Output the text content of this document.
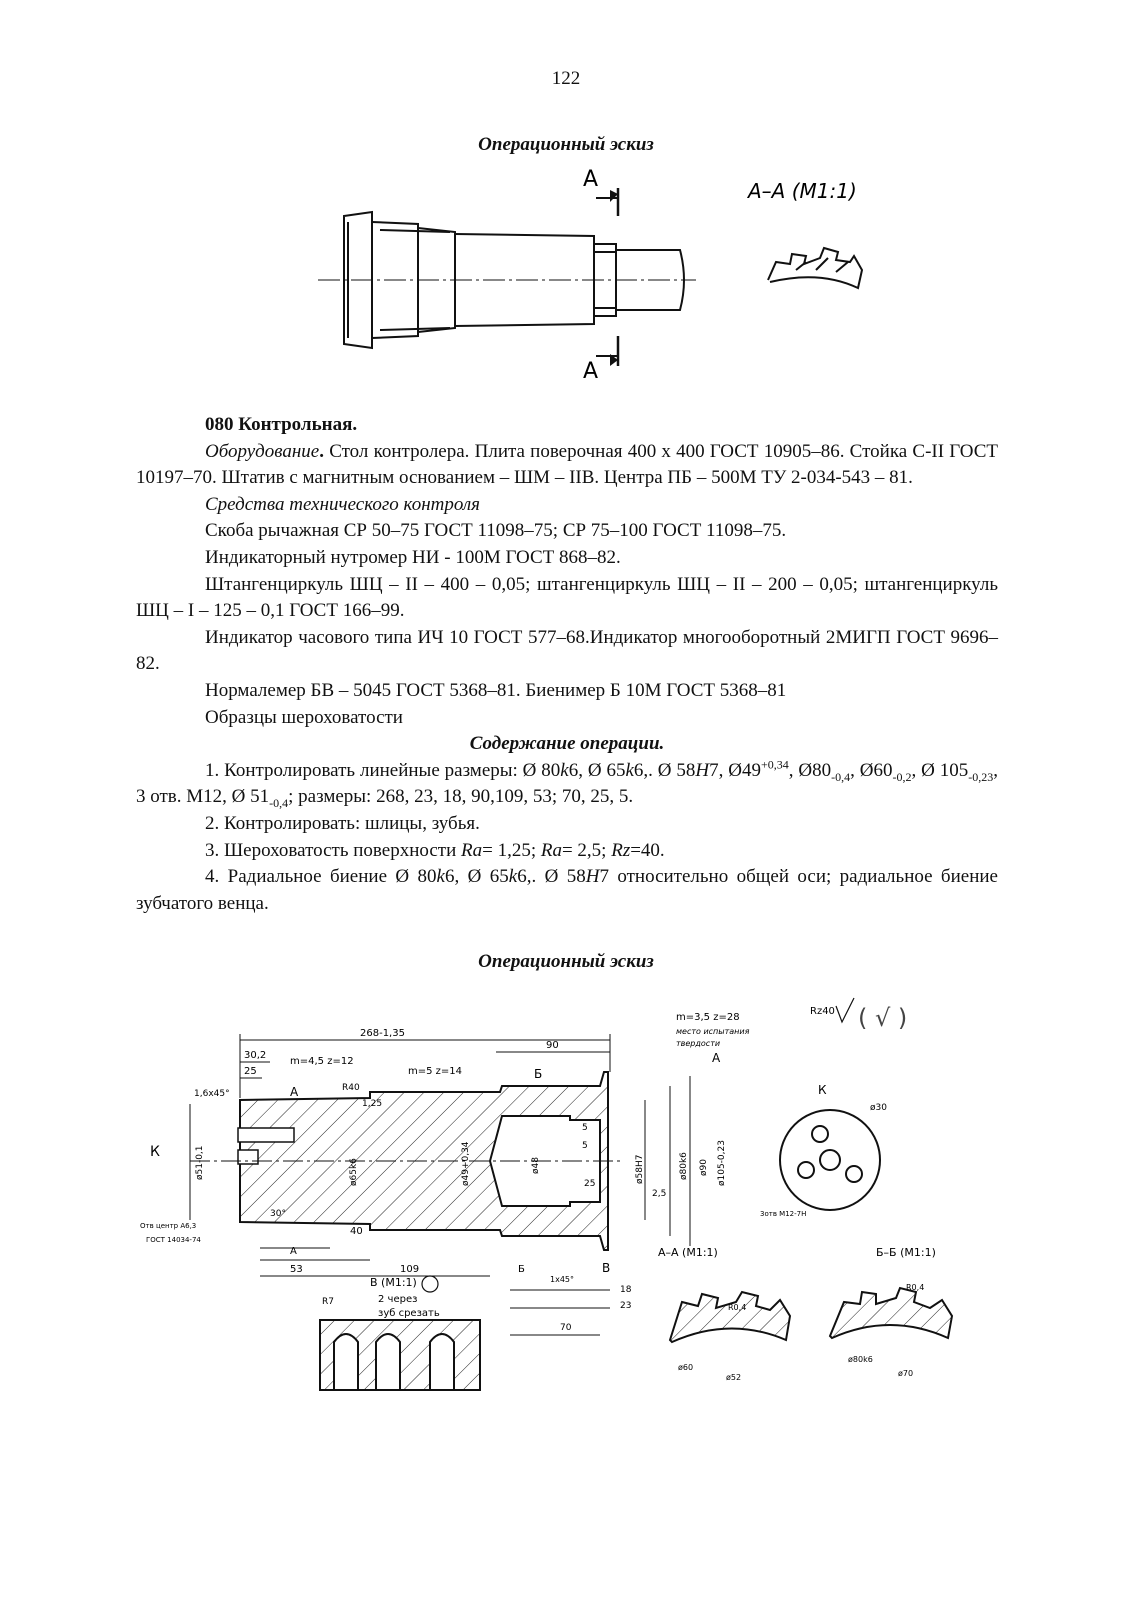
122
Операционный эскиз
А
А
А–А (М1:1)

080 Контрольная.

Оборудование. Стол контролера. Плита поверочная 400 х 400 ГОСТ 10905–86. Стойка С-II ГОСТ 10197–70. Штатив с магнитным основанием – ШМ – IIВ. Центра ПБ – 500М ТУ 2-034-543 – 81.

Средства технического контроля

Скоба рычажная СР 50–75 ГОСТ 11098–75; СР 75–100 ГОСТ 11098–75.

Индикаторный нутромер НИ - 100М ГОСТ 868–82.

Штангенциркуль ШЦ – II – 400 – 0,05; штангенциркуль ШЦ – II – 200 – 0,05; штангенциркуль ШЦ – I – 125 – 0,1 ГОСТ 166–99.

Индикатор часового типа ИЧ 10 ГОСТ 577–68.Индикатор многооборотный 2МИГП ГОСТ 9696–82.

Нормалемер БВ – 5045 ГОСТ 5368–81. Биенимер Б 10М ГОСТ 5368–81

Образцы шероховатости

Содержание операции.

1. Контролировать линейные размеры: Ø 80k6, Ø 65k6,. Ø 58H7, $Ø49^{+0,34}$, $Ø80_{-0,4}$, $Ø60_{-0,2}$, Ø $105_{-0,23}$, 3 отв. М12, Ø $51_{-0,4}$; размеры: 268, 23, 18, 90,109, 53; 70, 25, 5.

2. Контролировать: шлицы, зубья.

3. Шероховатость поверхности Ra= 1,25; Ra= 2,5; Rz=40.

4. Радиальное биение Ø 80k6, Ø 65k6,. Ø 58H7 относительно общей оси; радиальное биение зубчатого венца.

Операционный эскиз
268-1,35
90
30,2
25
m=4,5 z=12
m=5 z=14
m=3,5 z=28
место испытания
твердости
А
1,6х45°
К
А
Б
R40
1,25
ø51-0,1	ø65k6	ø49+0,34	ø58H7	ø80k6 ø90 ø105-0,23
ø48
40
А
53	109
30°
Отв центр А6,3
ГОСТ 14034-74
Б	В
1х45°
18
23
70
5
5
25
2,5
Rz40 ( √ )
К
ø30
3отв М12-7Н
А–А (М1:1)
R0,4
ø60
ø52
Б–Б (М1:1)
R0,4
ø80k6
ø70
В (М1:1)
2 через
зуб срезать
R7
